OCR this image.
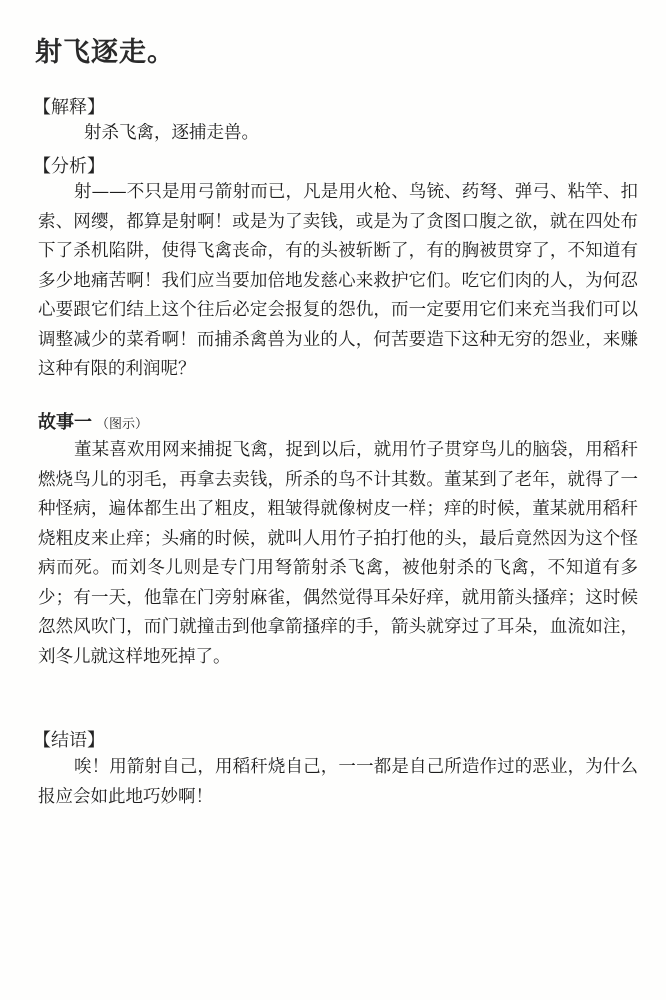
射飞逐走。
【解释】
射杀飞禽，逐捕走兽。
【分析】
射——不只是用弓箭射而已，凡是用火枪、鸟铳、药弩、弹弓、粘竿、扣索、网缨，都算是射啊！或是为了卖钱，或是为了贪图口腹之欲，就在四处布下了杀机陷阱，使得飞禽丧命，有的头被斩断了，有的胸被贯穿了，不知道有多少地痛苦啊！我们应当要加倍地发慈心来救护它们。吃它们肉的人，为何忍心要跟它们结上这个往后必定会报复的怨仇，而一定要用它们来充当我们可以调整减少的菜肴啊！而捕杀禽兽为业的人，何苦要造下这种无穷的怨业，来赚这种有限的利润呢？
故事一 （图示）
董某喜欢用网来捕捉飞禽，捉到以后，就用竹子贯穿鸟儿的脑袋，用稻秆燃烧鸟儿的羽毛，再拿去卖钱，所杀的鸟不计其数。董某到了老年，就得了一种怪病，遍体都生出了粗皮，粗皱得就像树皮一样；痒的时候，董某就用稻秆烧粗皮来止痒；头痛的时候，就叫人用竹子拍打他的头，最后竟然因为这个怪病而死。而刘冬儿则是专门用弩箭射杀飞禽，被他射杀的飞禽，不知道有多少；有一天，他靠在门旁射麻雀，偶然觉得耳朵好痒，就用箭头搔痒；这时候忽然风吹门，而门就撞击到他拿箭搔痒的手，箭头就穿过了耳朵，血流如注，刘冬儿就这样地死掉了。
【结语】
唉！用箭射自己，用稻秆烧自己，一一都是自己所造作过的恶业，为什么报应会如此地巧妙啊！
